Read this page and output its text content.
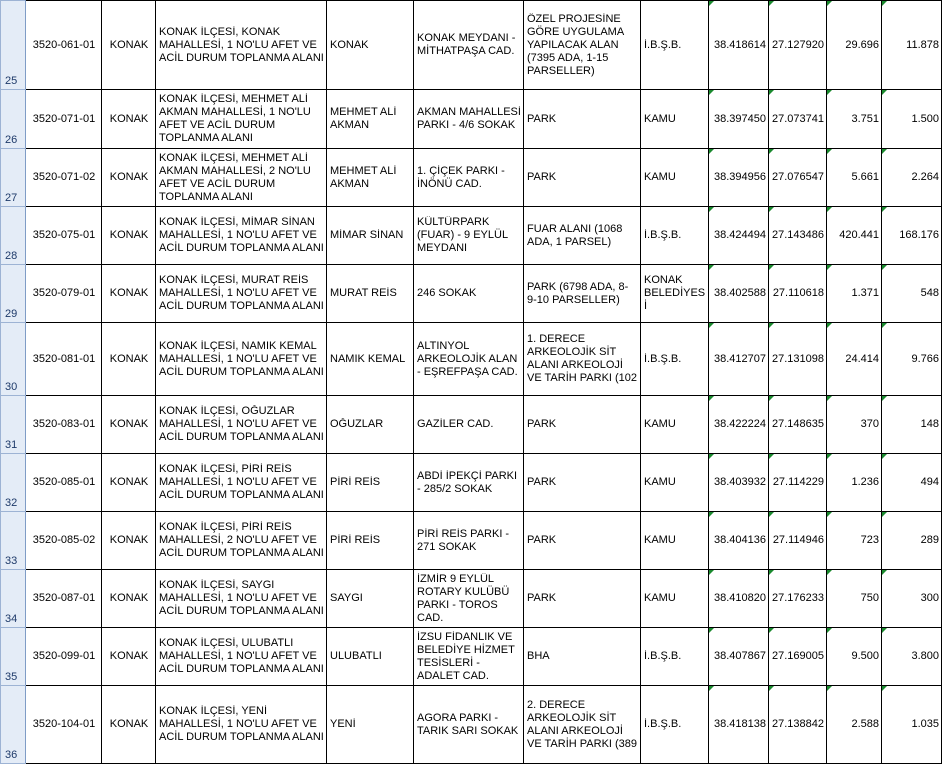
25	3520-061-01	KONAK	KONAK İLÇESİ, KONAK MAHALLESİ, 1 NO'LU AFET VE ACİL DURUM TOPLANMA ALANI	KONAK	KONAK MEYDANI - MİTHATPAŞA CAD.	ÖZEL PROJESİNE GÖRE UYGULAMA YAPILACAK ALAN (7395 ADA, 1-15 PARSELLER)	İ.B.Ş.B.	38.418614	27.127920	29.696	11.878

26	3520-071-01	KONAK	KONAK İLÇESİ, MEHMET ALİ AKMAN MAHALLESİ, 1 NO'LU AFET VE ACİL DURUM TOPLANMA ALANI	MEHMET ALİ AKMAN	AKMAN MAHALLESİ PARKI - 4/6 SOKAK	PARK	KAMU	38.397450	27.073741	3.751	1.500

27	3520-071-02	KONAK	KONAK İLÇESİ, MEHMET ALİ AKMAN MAHALLESİ, 2 NO'LU AFET VE ACİL DURUM TOPLANMA ALANI	MEHMET ALİ AKMAN	1. ÇİÇEK PARKI - İNÖNÜ CAD.	PARK	KAMU	38.394956	27.076547	5.661	2.264

28	3520-075-01	KONAK	KONAK İLÇESİ, MİMAR SİNAN MAHALLESİ, 1 NO'LU AFET VE ACİL DURUM TOPLANMA ALANI	MİMAR SİNAN	KÜLTÜRPARK (FUAR) - 9 EYLÜL MEYDANI	FUAR ALANI (1068 ADA, 1 PARSEL)	İ.B.Ş.B.	38.424494	27.143486	420.441	168.176

29	3520-079-01	KONAK	KONAK İLÇESİ, MURAT REİS MAHALLESİ, 1 NO'LU AFET VE ACİL DURUM TOPLANMA ALANI	MURAT REİS	246 SOKAK	PARK (6798 ADA, 8-9-10 PARSELLER)	KONAK BELEDİYESİ	38.402588	27.110618	1.371	548

30	3520-081-01	KONAK	KONAK İLÇESİ, NAMIK KEMAL MAHALLESİ, 1 NO'LU AFET VE ACİL DURUM TOPLANMA ALANI	NAMIK KEMAL	ALTINYOL ARKEOLOJİK ALAN - EŞREFPAŞA CAD.	1. DERECE ARKEOLOJİK SİT ALANI ARKEOLOJİ VE TARİH PARKI (102	İ.B.Ş.B.	38.412707	27.131098	24.414	9.766

31	3520-083-01	KONAK	KONAK İLÇESİ, OĞUZLAR MAHALLESİ, 1 NO'LU AFET VE ACİL DURUM TOPLANMA ALANI	OĞUZLAR	GAZİLER CAD.	PARK	KAMU	38.422224	27.148635	370	148

32	3520-085-01	KONAK	KONAK İLÇESİ, PİRİ REİS MAHALLESİ, 1 NO'LU AFET VE ACİL DURUM TOPLANMA ALANI	PİRİ REİS	ABDİ İPEKÇİ PARKI - 285/2 SOKAK	PARK	KAMU	38.403932	27.114229	1.236	494

33	3520-085-02	KONAK	KONAK İLÇESİ, PİRİ REİS MAHALLESİ, 2 NO'LU AFET VE ACİL DURUM TOPLANMA ALANI	PİRİ REİS	PİRİ REİS PARKI - 271 SOKAK	PARK	KAMU	38.404136	27.114946	723	289

34	3520-087-01	KONAK	KONAK İLÇESİ, SAYGI MAHALLESİ, 1 NO'LU AFET VE ACİL DURUM TOPLANMA ALANI	SAYGI	İZMİR 9 EYLÜL ROTARY KULÜBÜ PARKI - TOROS CAD.	PARK	KAMU	38.410820	27.176233	750	300

35	3520-099-01	KONAK	KONAK İLÇESİ, ULUBATLI MAHALLESİ, 1 NO'LU AFET VE ACİL DURUM TOPLANMA ALANI	ULUBATLI	İZSU FİDANLIK VE BELEDİYE HİZMET TESİSLERİ - ADALET CAD.	BHA	İ.B.Ş.B.	38.407867	27.169005	9.500	3.800

36	3520-104-01	KONAK	KONAK İLÇESİ, YENİ MAHALLESİ, 1 NO'LU AFET VE ACİL DURUM TOPLANMA ALANI	YENİ	AGORA PARKI - TARIK SARI SOKAK	2. DERECE ARKEOLOJİK SİT ALANI ARKEOLOJİ VE TARİH PARKI (389	İ.B.Ş.B.	38.418138	27.138842	2.588	1.035
